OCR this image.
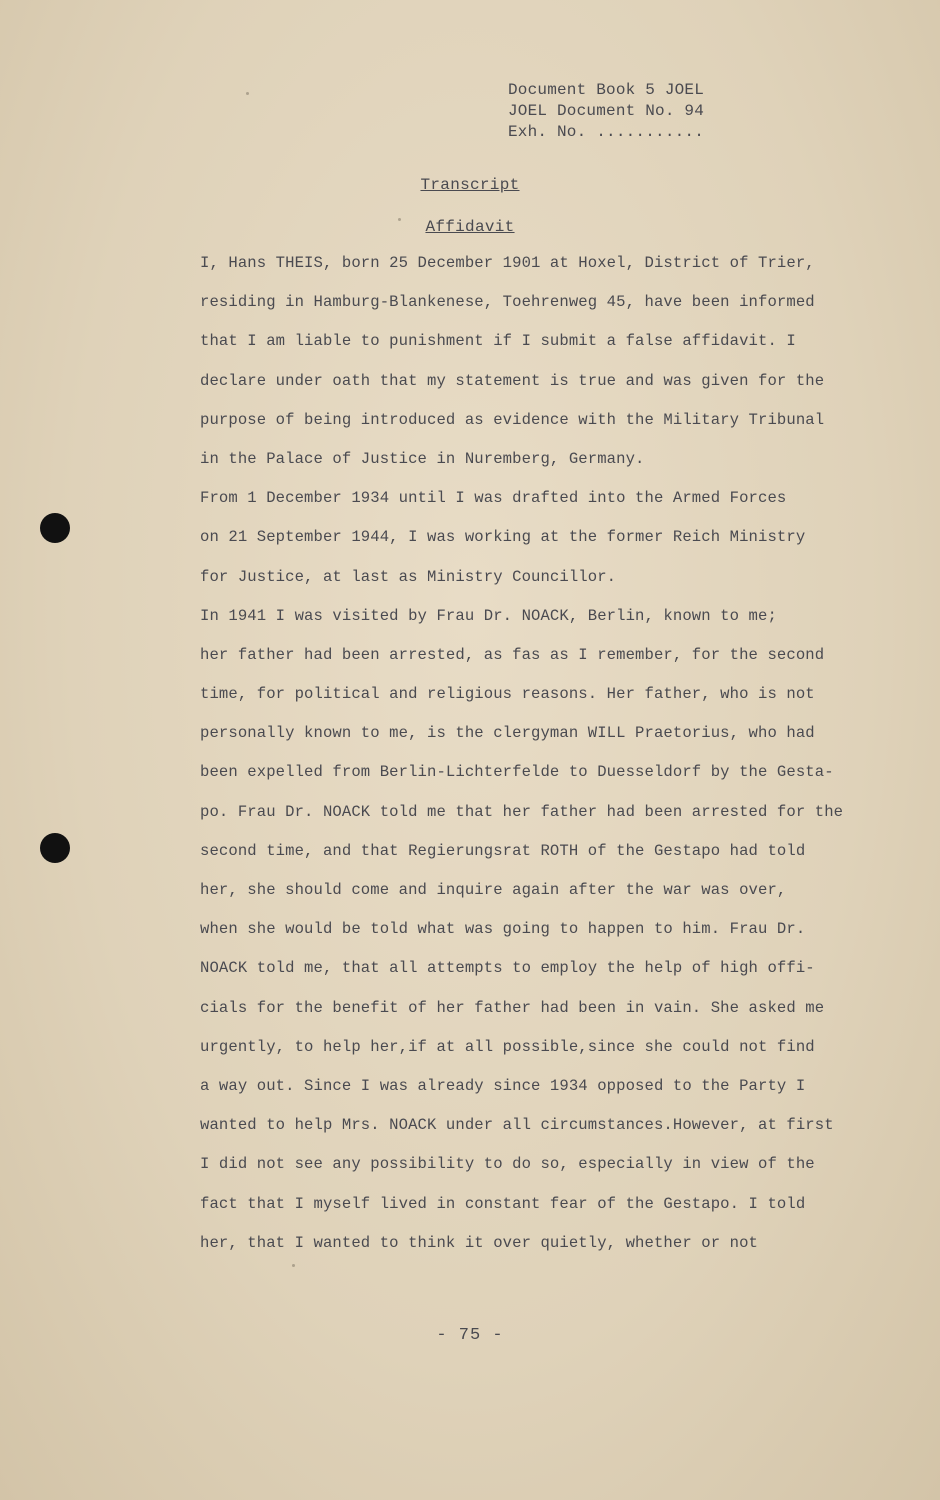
Document Book 5 JOEL
JOEL Document No. 94
Exh. No. ...........
Transcript
Affidavit
I, Hans THEIS, born 25 December 1901 at Hoxel, District of Trier,
residing in Hamburg-Blankenese, Toehrenweg 45, have been informed
that I am liable to punishment if I submit a false affidavit. I
declare under oath that my statement is true and was given for the
purpose of being introduced as evidence with the Military Tribunal
in the Palace of Justice in Nuremberg, Germany.
From 1 December 1934 until I was drafted into the Armed Forces
on 21 September 1944, I was working at the former Reich Ministry
for Justice, at last as Ministry Councillor.
In 1941 I was visited by Frau Dr. NOACK, Berlin, known to me;
her father had been arrested, as fas as I remember, for the second
time, for political and religious reasons. Her father, who is not
personally known to me, is the clergyman WILL Praetorius, who had
been expelled from Berlin-Lichterfelde to Duesseldorf by the Gesta-
po. Frau Dr. NOACK told me that her father had been arrested for the
second time, and that Regierungsrat ROTH of the Gestapo had told
her, she should come and inquire again after the war was over,
when she would be told what was going to happen to him. Frau Dr.
NOACK told me, that all attempts to employ the help of high offi-
cials for the benefit of her father had been in vain. She asked me
urgently, to help her,if at all possible,since she could not find
a way out. Since I was already since 1934 opposed to the Party I
wanted to help Mrs. NOACK under all circumstances.However, at first
I did not see any possibility to do so, especially in view of the
fact that I myself lived in constant fear of the Gestapo. I told
her, that I wanted to think it over quietly, whether or not
- 75 -
